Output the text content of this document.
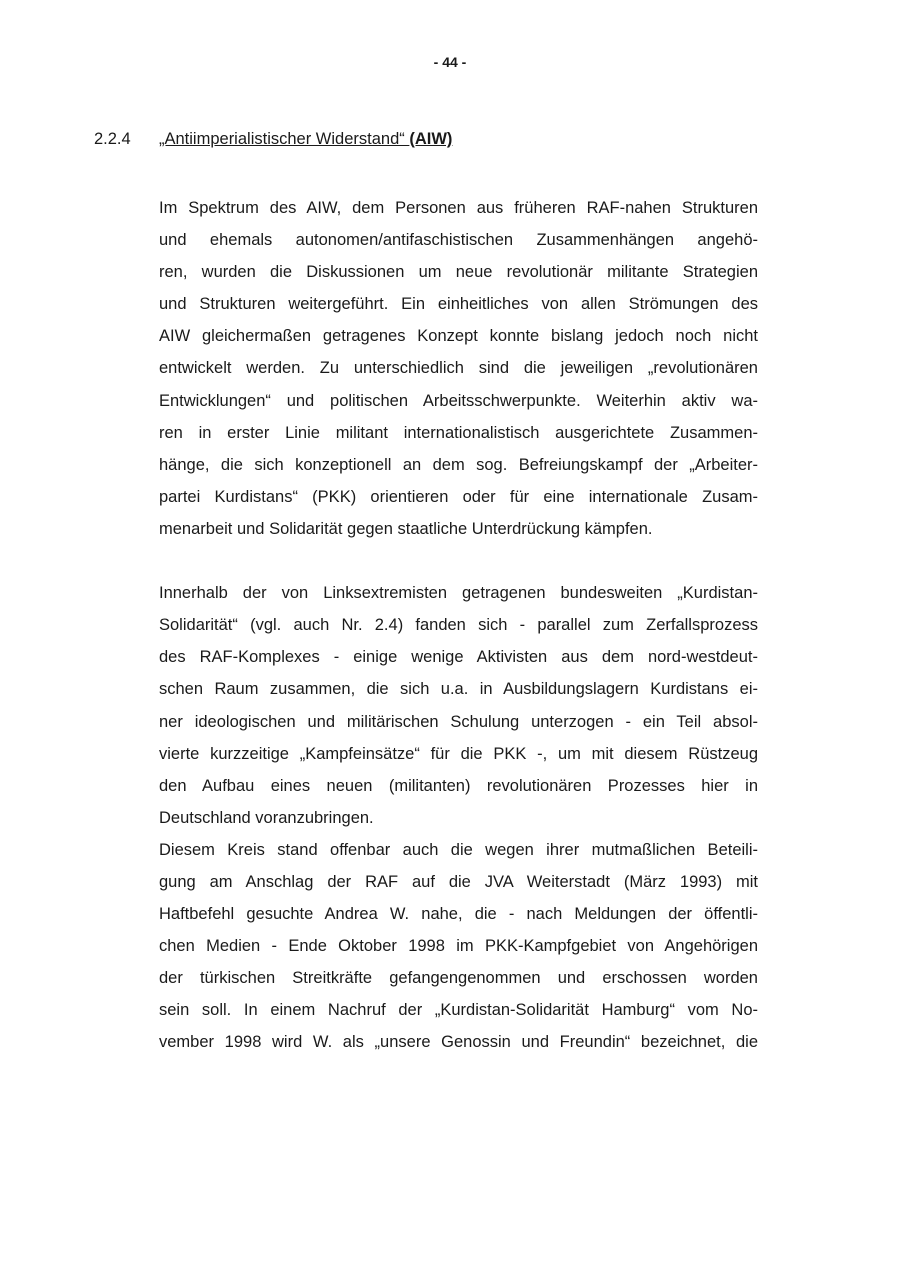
- 44 -
2.2.4 „Antiimperialistischer Widerstand“ (AIW)
Im Spektrum des AIW, dem Personen aus früheren RAF-nahen Strukturen
und ehemals autonomen/antifaschistischen Zusammenhängen angehö-
ren, wurden die Diskussionen um neue revolutionär militante Strategien
und Strukturen weitergeführt. Ein einheitliches von allen Strömungen des
AIW gleichermaßen getragenes Konzept konnte bislang jedoch noch nicht
entwickelt werden. Zu unterschiedlich sind die jeweiligen „revolutionären
Entwicklungen“ und politischen Arbeitsschwerpunkte. Weiterhin aktiv wa-
ren in erster Linie militant internationalistisch ausgerichtete Zusammen-
hänge, die sich konzeptionell an dem sog. Befreiungskampf der „Arbeiter-
partei Kurdistans“ (PKK) orientieren oder für eine internationale Zusam-
menarbeit und Solidarität gegen staatliche Unterdrückung kämpfen.
Innerhalb der von Linksextremisten getragenen bundesweiten „Kurdistan-
Solidarität“ (vgl. auch Nr. 2.4) fanden sich - parallel zum Zerfallsprozess
des RAF-Komplexes - einige wenige Aktivisten aus dem nord-westdeut-
schen Raum zusammen, die sich u.a. in Ausbildungslagern Kurdistans ei-
ner ideologischen und militärischen Schulung unterzogen - ein Teil absol-
vierte kurzzeitige „Kampfeinsätze“ für die PKK -, um mit diesem Rüstzeug
den Aufbau eines neuen (militanten) revolutionären Prozesses hier in
Deutschland voranzubringen.
Diesem Kreis stand offenbar auch die wegen ihrer mutmaßlichen Beteili-
gung am Anschlag der RAF auf die JVA Weiterstadt (März 1993) mit
Haftbefehl gesuchte Andrea W. nahe, die - nach Meldungen der öffentli-
chen Medien - Ende Oktober 1998 im PKK-Kampfgebiet von Angehörigen
der türkischen Streitkräfte gefangengenommen und erschossen worden
sein soll. In einem Nachruf der „Kurdistan-Solidarität Hamburg“ vom No-
vember 1998 wird W. als „unsere Genossin und Freundin“ bezeichnet, die
